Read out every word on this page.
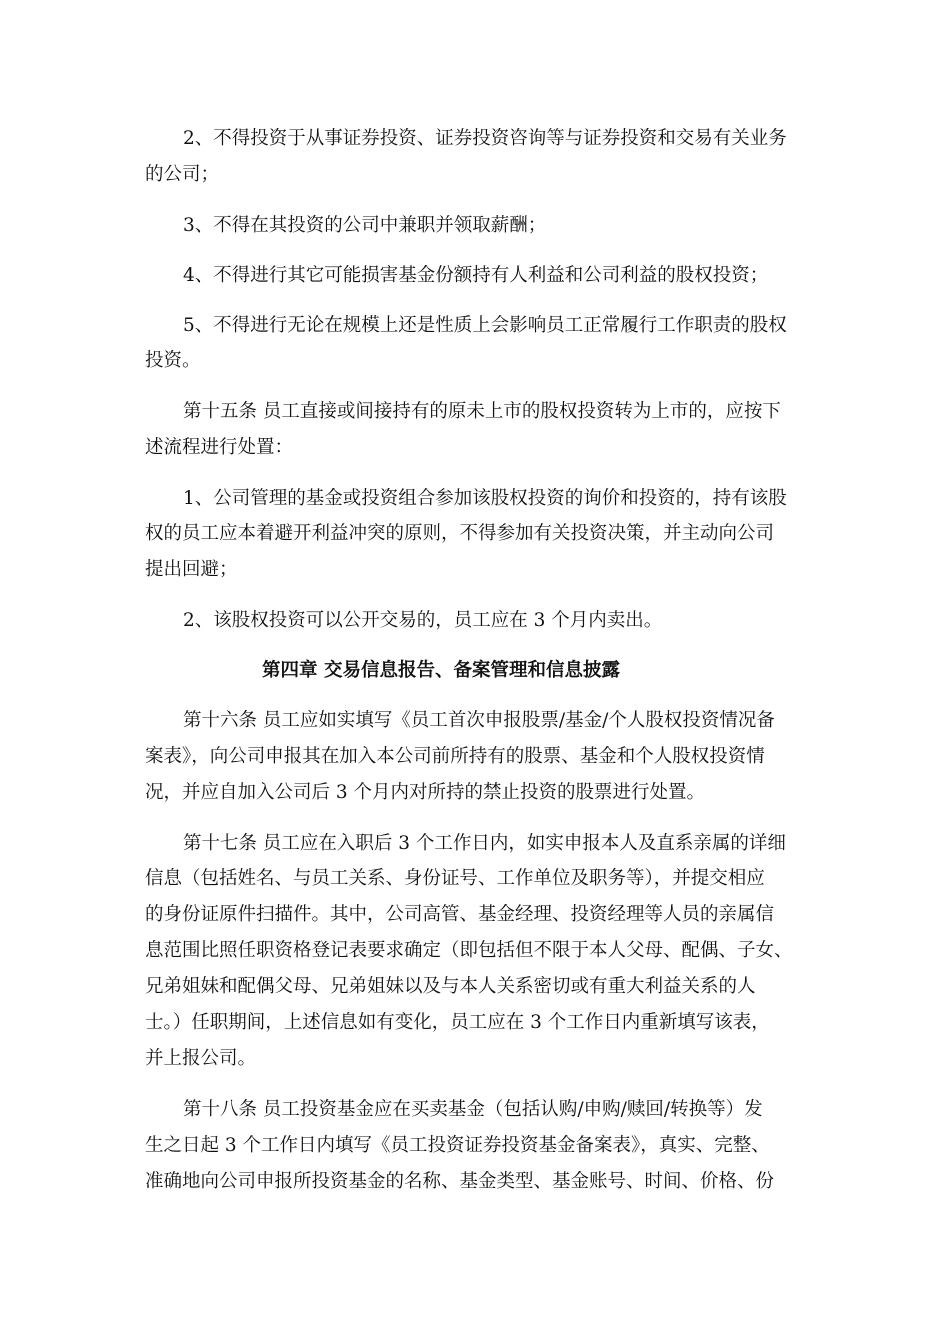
2、不得投资于从事证券投资、证券投资咨询等与证券投资和交易有关业务
的公司；
3、不得在其投资的公司中兼职并领取薪酬；
4、不得进行其它可能损害基金份额持有人利益和公司利益的股权投资；
5、不得进行无论在规模上还是性质上会影响员工正常履行工作职责的股权
投资。
第十五条 员工直接或间接持有的原未上市的股权投资转为上市的，应按下
述流程进行处置：
1、公司管理的基金或投资组合参加该股权投资的询价和投资的，持有该股
权的员工应本着避开利益冲突的原则，不得参加有关投资决策，并主动向公司
提出回避；
2、该股权投资可以公开交易的，员工应在 3 个月内卖出。
第四章 交易信息报告、备案管理和信息披露
第十六条 员工应如实填写《员工首次申报股票/基金/个人股权投资情况备
案表》，向公司申报其在加入本公司前所持有的股票、基金和个人股权投资情
况，并应自加入公司后 3 个月内对所持的禁止投资的股票进行处置。
第十七条 员工应在入职后 3 个工作日内，如实申报本人及直系亲属的详细
信息（包括姓名、与员工关系、身份证号、工作单位及职务等），并提交相应
的身份证原件扫描件。其中，公司高管、基金经理、投资经理等人员的亲属信
息范围比照任职资格登记表要求确定（即包括但不限于本人父母、配偶、子女、
兄弟姐妹和配偶父母、兄弟姐妹以及与本人关系密切或有重大利益关系的人
士。）任职期间，上述信息如有变化，员工应在 3 个工作日内重新填写该表，
并上报公司。
第十八条 员工投资基金应在买卖基金（包括认购/申购/赎回/转换等）发
生之日起 3 个工作日内填写《员工投资证券投资基金备案表》，真实、完整、
准确地向公司申报所投资基金的名称、基金类型、基金账号、时间、价格、份
